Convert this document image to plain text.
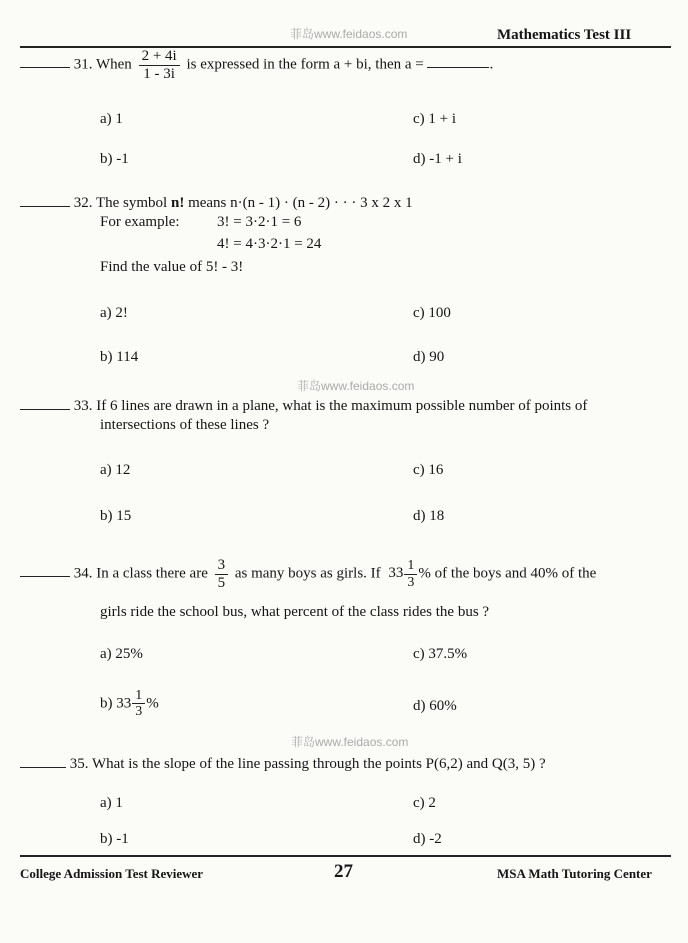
菲岛www.feidaos.com	Mathematics Test III
31. When $\frac{2 + 4i}{1 - 3i}$ is expressed in the form a + bi, then a =	.
a) 1	c) 1 + i
b) -1	d) -1 + i
32. The symbol n! means n·(n - 1) · (n - 2) · · · 3 x 2 x 1
For example: 3! = 3·2·1 = 6
4! = 4·3·2·1 = 24
Find the value of 5! - 3!
a) 2!	c) 100
b) 114	d) 90
菲岛www.feidaos.com
33. If 6 lines are drawn in a plane, what is the maximum possible number of points of
intersections of these lines ?
a) 12	c) 16
b) 15	d) 18
34. In a class there are $\frac{3}{5}$ as many boys as girls. If $33 \frac{1}{3}$ % of the boys and 40% of the
girls ride the school bus, what percent of the class rides the bus ?
a) 25%	c) 37.5%
b) $33 \frac{1}{3}$ %	d) 60%
菲岛www.feidaos.com
35. What is the slope of the line passing through the points P(6,2) and Q(3, 5) ?
a) 1	c) 2
b) -1	d) -2
College Admission Test Reviewer	27	MSA Math Tutoring Center
